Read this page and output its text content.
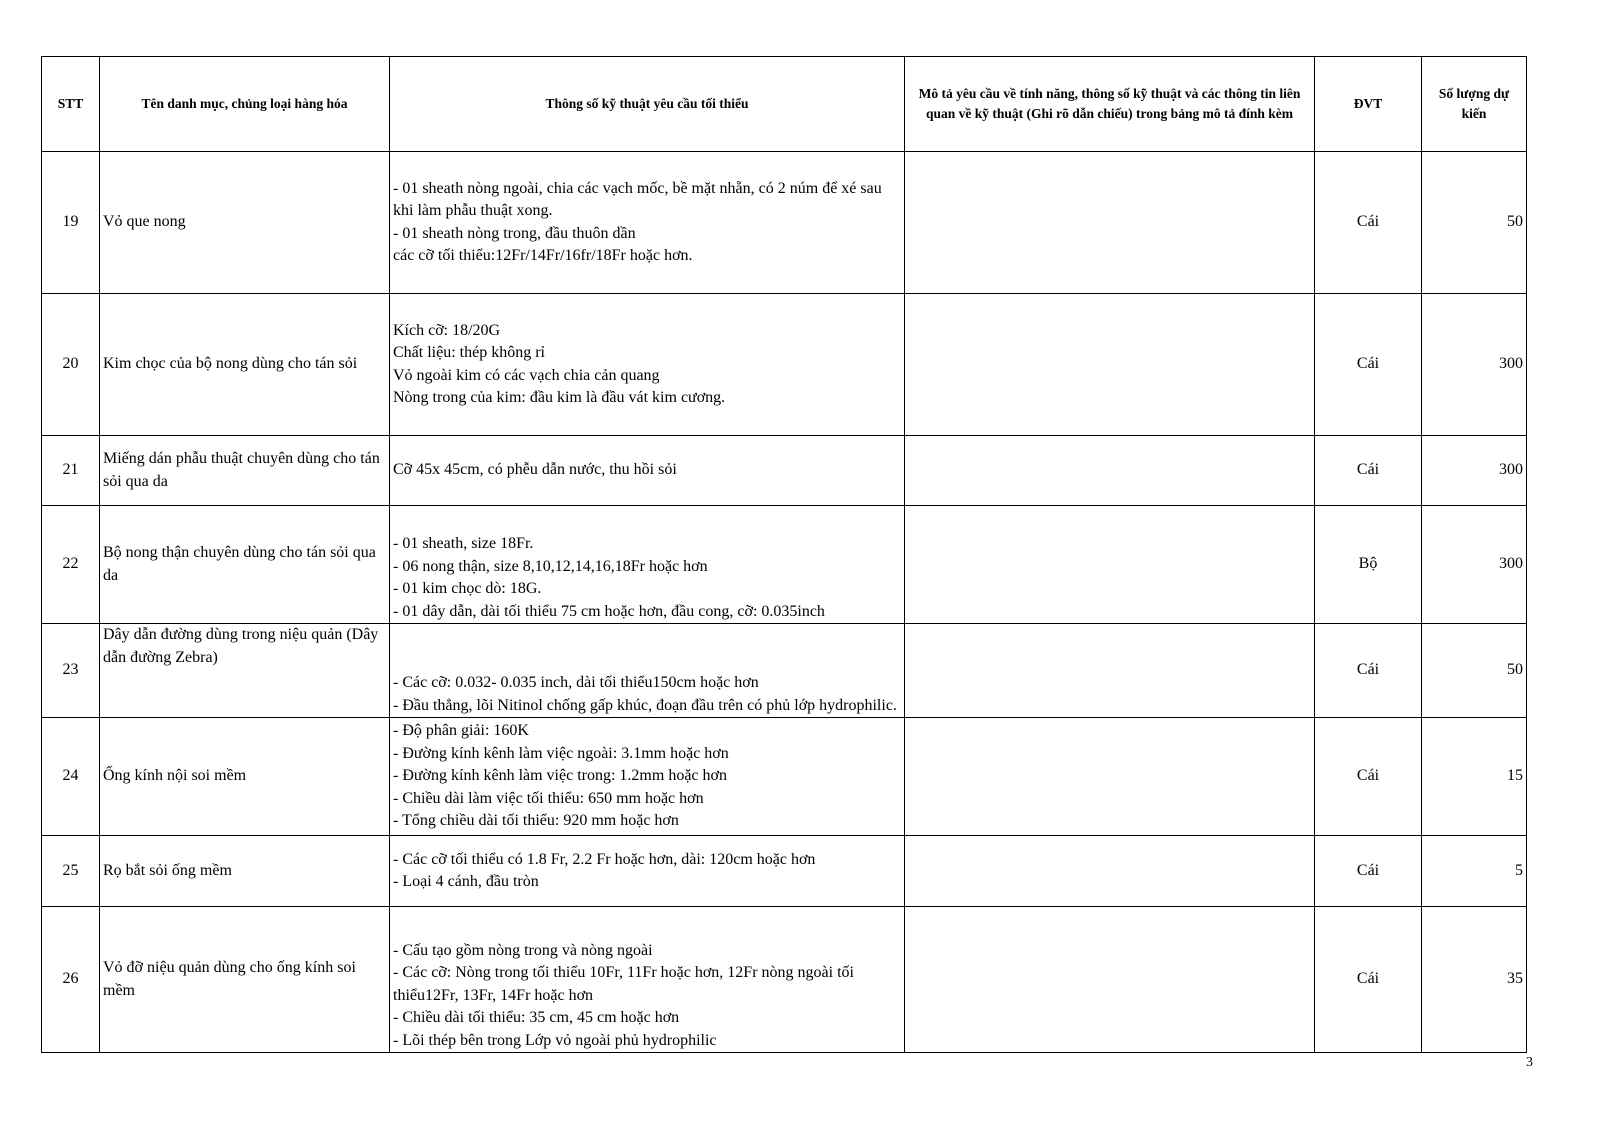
STT	Tên danh mục, chủng loại hàng hóa	Thông số kỹ thuật yêu cầu tối thiểu	Mô tả yêu cầu về tính năng, thông số kỹ thuật và các thông tin liên quan về kỹ thuật (Ghi rõ dẫn chiếu) trong bảng mô tả đính kèm	ĐVT	Số lượng dự kiến
19	Vỏ que nong	- 01 sheath nòng ngoài, chia các vạch mốc, bề mặt nhẵn, có 2 núm để xé sau khi làm phẫu thuật xong.
- 01 sheath nòng trong, đầu thuôn dần
các cỡ tối thiểu:12Fr/14Fr/16fr/18Fr hoặc hơn.		Cái	50
20	Kim chọc của bộ nong dùng cho tán sỏi	Kích cỡ: 18/20G
Chất liệu: thép không rỉ
Vỏ ngoài kim có các vạch chia cản quang
Nòng trong của kim: đầu kim là đầu vát kim cương.		Cái	300
21	Miếng dán phẫu thuật chuyên dùng cho tán sỏi qua da	Cỡ 45x 45cm, có phễu dẫn nước, thu hồi sỏi		Cái	300
22	Bộ nong thận chuyên dùng cho tán sỏi qua da	- 01 sheath, size 18Fr.
- 06 nong thận, size 8,10,12,14,16,18Fr hoặc hơn
- 01 kim chọc dò: 18G.
- 01 dây dẫn, dài tối thiểu 75 cm hoặc hơn, đầu cong, cỡ: 0.035inch		Bộ	300
23	Dây dẫn đường dùng trong niệu quản (Dây dẫn đường Zebra)	- Các cỡ: 0.032- 0.035 inch, dài tối thiểu150cm hoặc hơn
- Đầu thẳng, lõi Nitinol chống gấp khúc, đoạn đầu trên có phủ lớp hydrophilic.		Cái	50
24	Ống kính nội soi mềm	- Độ phân giải: 160K
- Đường kính kênh làm việc ngoài: 3.1mm hoặc hơn
- Đường kính kênh làm việc trong: 1.2mm hoặc hơn
- Chiều dài làm việc tối thiểu: 650 mm hoặc hơn
- Tổng chiều dài tối thiểu: 920 mm hoặc hơn		Cái	15
25	Rọ bắt sỏi ống mềm	- Các cỡ tối thiểu có 1.8 Fr, 2.2 Fr hoặc hơn, dài: 120cm hoặc hơn
- Loại 4 cánh, đầu tròn		Cái	5
26	Vỏ đỡ niệu quản dùng cho ống kính soi mềm	- Cấu tạo gồm nòng trong và nòng ngoài
- Các cỡ: Nòng trong tối thiểu 10Fr, 11Fr hoặc hơn, 12Fr nòng ngoài tối thiểu12Fr, 13Fr, 14Fr hoặc hơn
- Chiều dài tối thiểu: 35 cm, 45 cm hoặc hơn
- Lõi thép bên trong Lớp vỏ ngoài phủ hydrophilic		Cái	35
3
